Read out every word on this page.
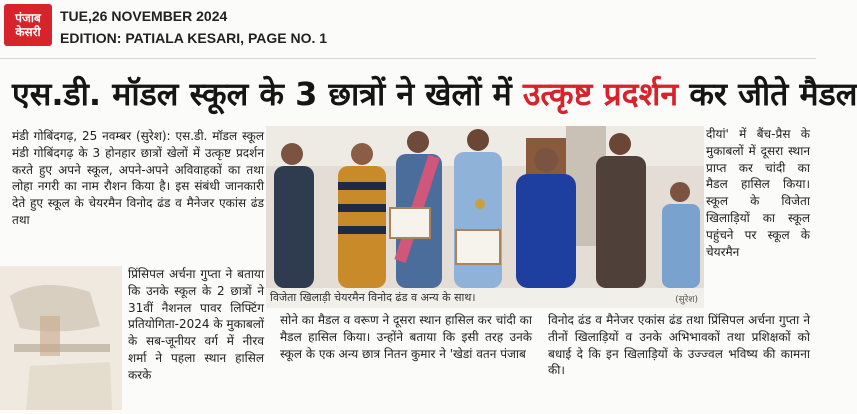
पंजाब
केसरी
TUE,26 NOVEMBER 2024
EDITION: PATIALA KESARI, PAGE NO. 1
एस.डी. मॉडल स्कूल के 3 छात्रों ने खेलों में उत्कृष्ट प्रदर्शन कर जीते मैडल
मंडी गोबिंदगढ़, 25 नवम्बर (सुरेश): एस.डी. मॉडल स्कूल मंडी गोबिंदगढ़ के 3 होनहार छात्रों खेलों में उत्कृष्ट प्रदर्शन करते हुए अपने स्कूल, अपने-अपने अविवाहकों का तथा लोहा नगरी का नाम रौशन किया है। इस संबंधी जानकारी देते हुए स्कूल के चेयरमैन विनोद ढंड व मैनेजर एकांस ढंड तथा
प्रिंसिपल अर्चना गुप्ता ने बताया कि उनके स्कूल के 2 छात्रों ने 31वीं नैशनल पावर लिफ्टिंग प्रतियोगिता-2024 के मुकाबलों के सब-जूनीयर वर्ग में नीरव शर्मा ने पहला स्थान हासिल करके
विजेता खिलाड़ी चेयरमैन विनोद ढंड व अन्य के साथ।	(सुरेश)
दीयां' में बैंच-प्रैस के मुकाबलों में दूसरा स्थान प्राप्त कर चांदी का मैडल हासिल किया। स्कूल के विजेता खिलाड़ियों का स्कूल पहुंचने पर स्कूल के चेयरमैन
सोने का मैडल व वरूण ने दूसरा स्थान हासिल कर चांदी का मैडल हासिल किया। उन्होंने बताया कि इसी तरह उनके स्कूल के एक अन्य छात्र नितन कुमार ने 'खेडां वतन पंजाब
विनोद ढंड व मैनेजर एकांस ढंड तथा प्रिंसिपल अर्चना गुप्ता ने तीनों खिलाड़ियों व उनके अभिभावकों तथा प्रशिक्षकों को बधाई दे कि इन खिलाड़ियों के उज्ज्वल भविष्य की कामना की।
